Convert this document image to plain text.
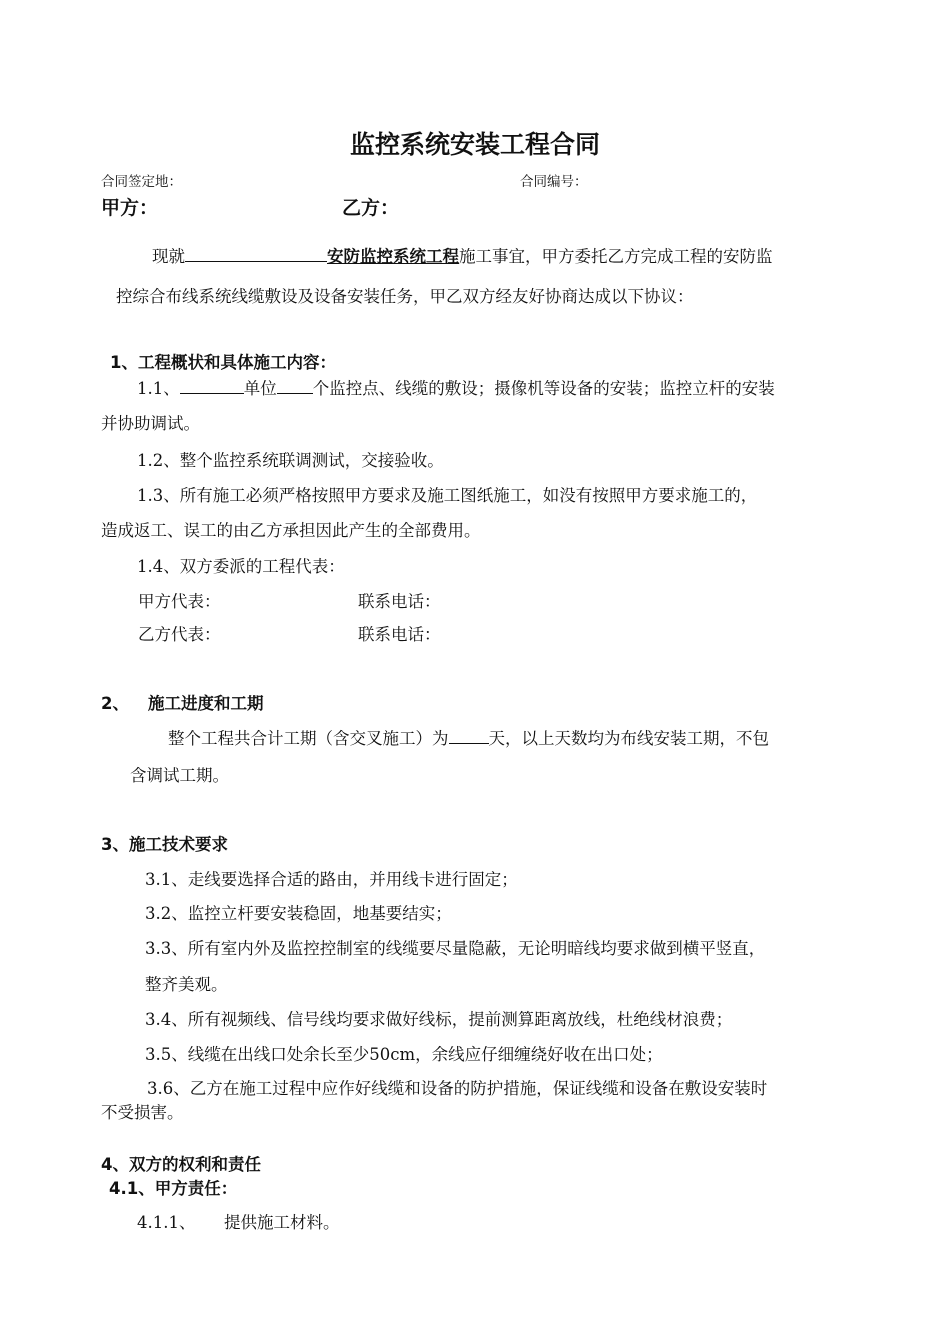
监控系统安装工程合同
合同签定地：	合同编号：
甲方：	乙方：
现就	安防监控系统工程施工事宜，甲方委托乙方完成工程的安防监
控综合布线系统线缆敷设及设备安装任务，甲乙双方经友好协商达成以下协议：
1、工程概状和具体施工内容：
1.1、	单位 个监控点、线缆的敷设；摄像机等设备的安装；监控立杆的安装
并协助调试。
1.2、整个监控系统联调测试，交接验收。
1.3、所有施工必须严格按照甲方要求及施工图纸施工，如没有按照甲方要求施工的，
造成返工、误工的由乙方承担因此产生的全部费用。
1.4、双方委派的工程代表：
甲方代表：	联系电话：
乙方代表：	联系电话：
2、 施工进度和工期
整个工程共合计工期（含交叉施工）为 天，以上天数均为布线安装工期，不包
含调试工期。
3、施工技术要求
3.1、走线要选择合适的路由，并用线卡进行固定；
3.2、监控立杆要安装稳固，地基要结实；
3.3、所有室内外及监控控制室的线缆要尽量隐蔽，无论明暗线均要求做到横平竖直，
整齐美观。
3.4、所有视频线、信号线均要求做好线标，提前测算距离放线，杜绝线材浪费；
3.5、线缆在出线口处余长至少50cm，余线应仔细缠绕好收在出口处；
3.6、乙方在施工过程中应作好线缆和设备的防护措施，保证线缆和设备在敷设安装时
不受损害。
4、双方的权利和责任
4.1、甲方责任：
4.1.1、 提供施工材料。
